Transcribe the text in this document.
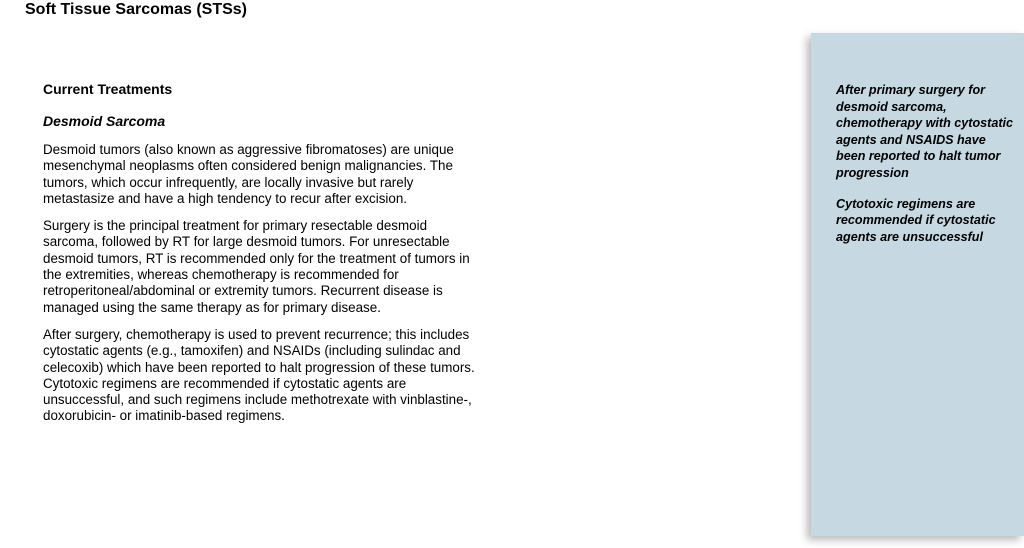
Soft Tissue Sarcomas (STSs)
Current Treatments
Desmoid Sarcoma

Desmoid tumors (also known as aggressive fibromatoses) are unique mesenchymal neoplasms often considered benign malignancies. The tumors, which occur infrequently, are locally invasive but rarely metastasize and have a high tendency to recur after excision.

Surgery is the principal treatment for primary resectable desmoid sarcoma, followed by RT for large desmoid tumors. For unresectable desmoid tumors, RT is recommended only for the treatment of tumors in the extremities, whereas chemotherapy is recommended for retroperitoneal/abdominal or extremity tumors. Recurrent disease is managed using the same therapy as for primary disease.

After surgery, chemotherapy is used to prevent recurrence; this includes cytostatic agents (e.g., tamoxifen) and NSAIDs (including sulindac and celecoxib) which have been reported to halt progression of these tumors. Cytotoxic regimens are recommended if cytostatic agents are unsuccessful, and such regimens include methotrexate with vinblastine-, doxorubicin- or imatinib-based regimens.

After primary surgery for desmoid sarcoma, chemotherapy with cytostatic agents and NSAIDS have been reported to halt tumor progression

Cytotoxic regimens are recommended if cytostatic agents are unsuccessful
